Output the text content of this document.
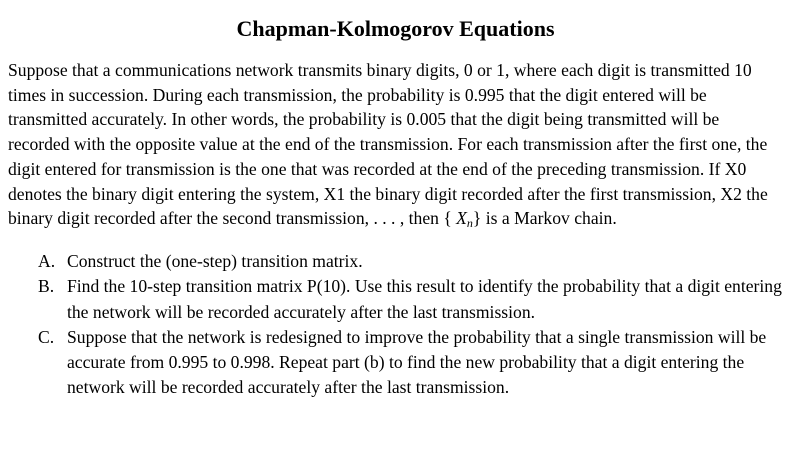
Chapman-Kolmogorov Equations

Suppose that a communications network transmits binary digits, 0 or 1, where each digit is transmitted 10 times in succession. During each transmission, the probability is 0.995 that the digit entered will be transmitted accurately. In other words, the probability is 0.005 that the digit being transmitted will be recorded with the opposite value at the end of the transmission. For each transmission after the first one, the digit entered for transmission is the one that was recorded at the end of the preceding transmission. If X0 denotes the binary digit entering the system, X1 the binary digit recorded after the first transmission, X2 the binary digit recorded after the second transmission, . . . , then { $X_n$} is a Markov chain.

A. Construct the (one-step) transition matrix.
B. Find the 10-step transition matrix P(10). Use this result to identify the probability that a digit entering the network will be recorded accurately after the last transmission.
C. Suppose that the network is redesigned to improve the probability that a single transmission will be accurate from 0.995 to 0.998. Repeat part (b) to find the new probability that a digit entering the network will be recorded accurately after the last transmission.
